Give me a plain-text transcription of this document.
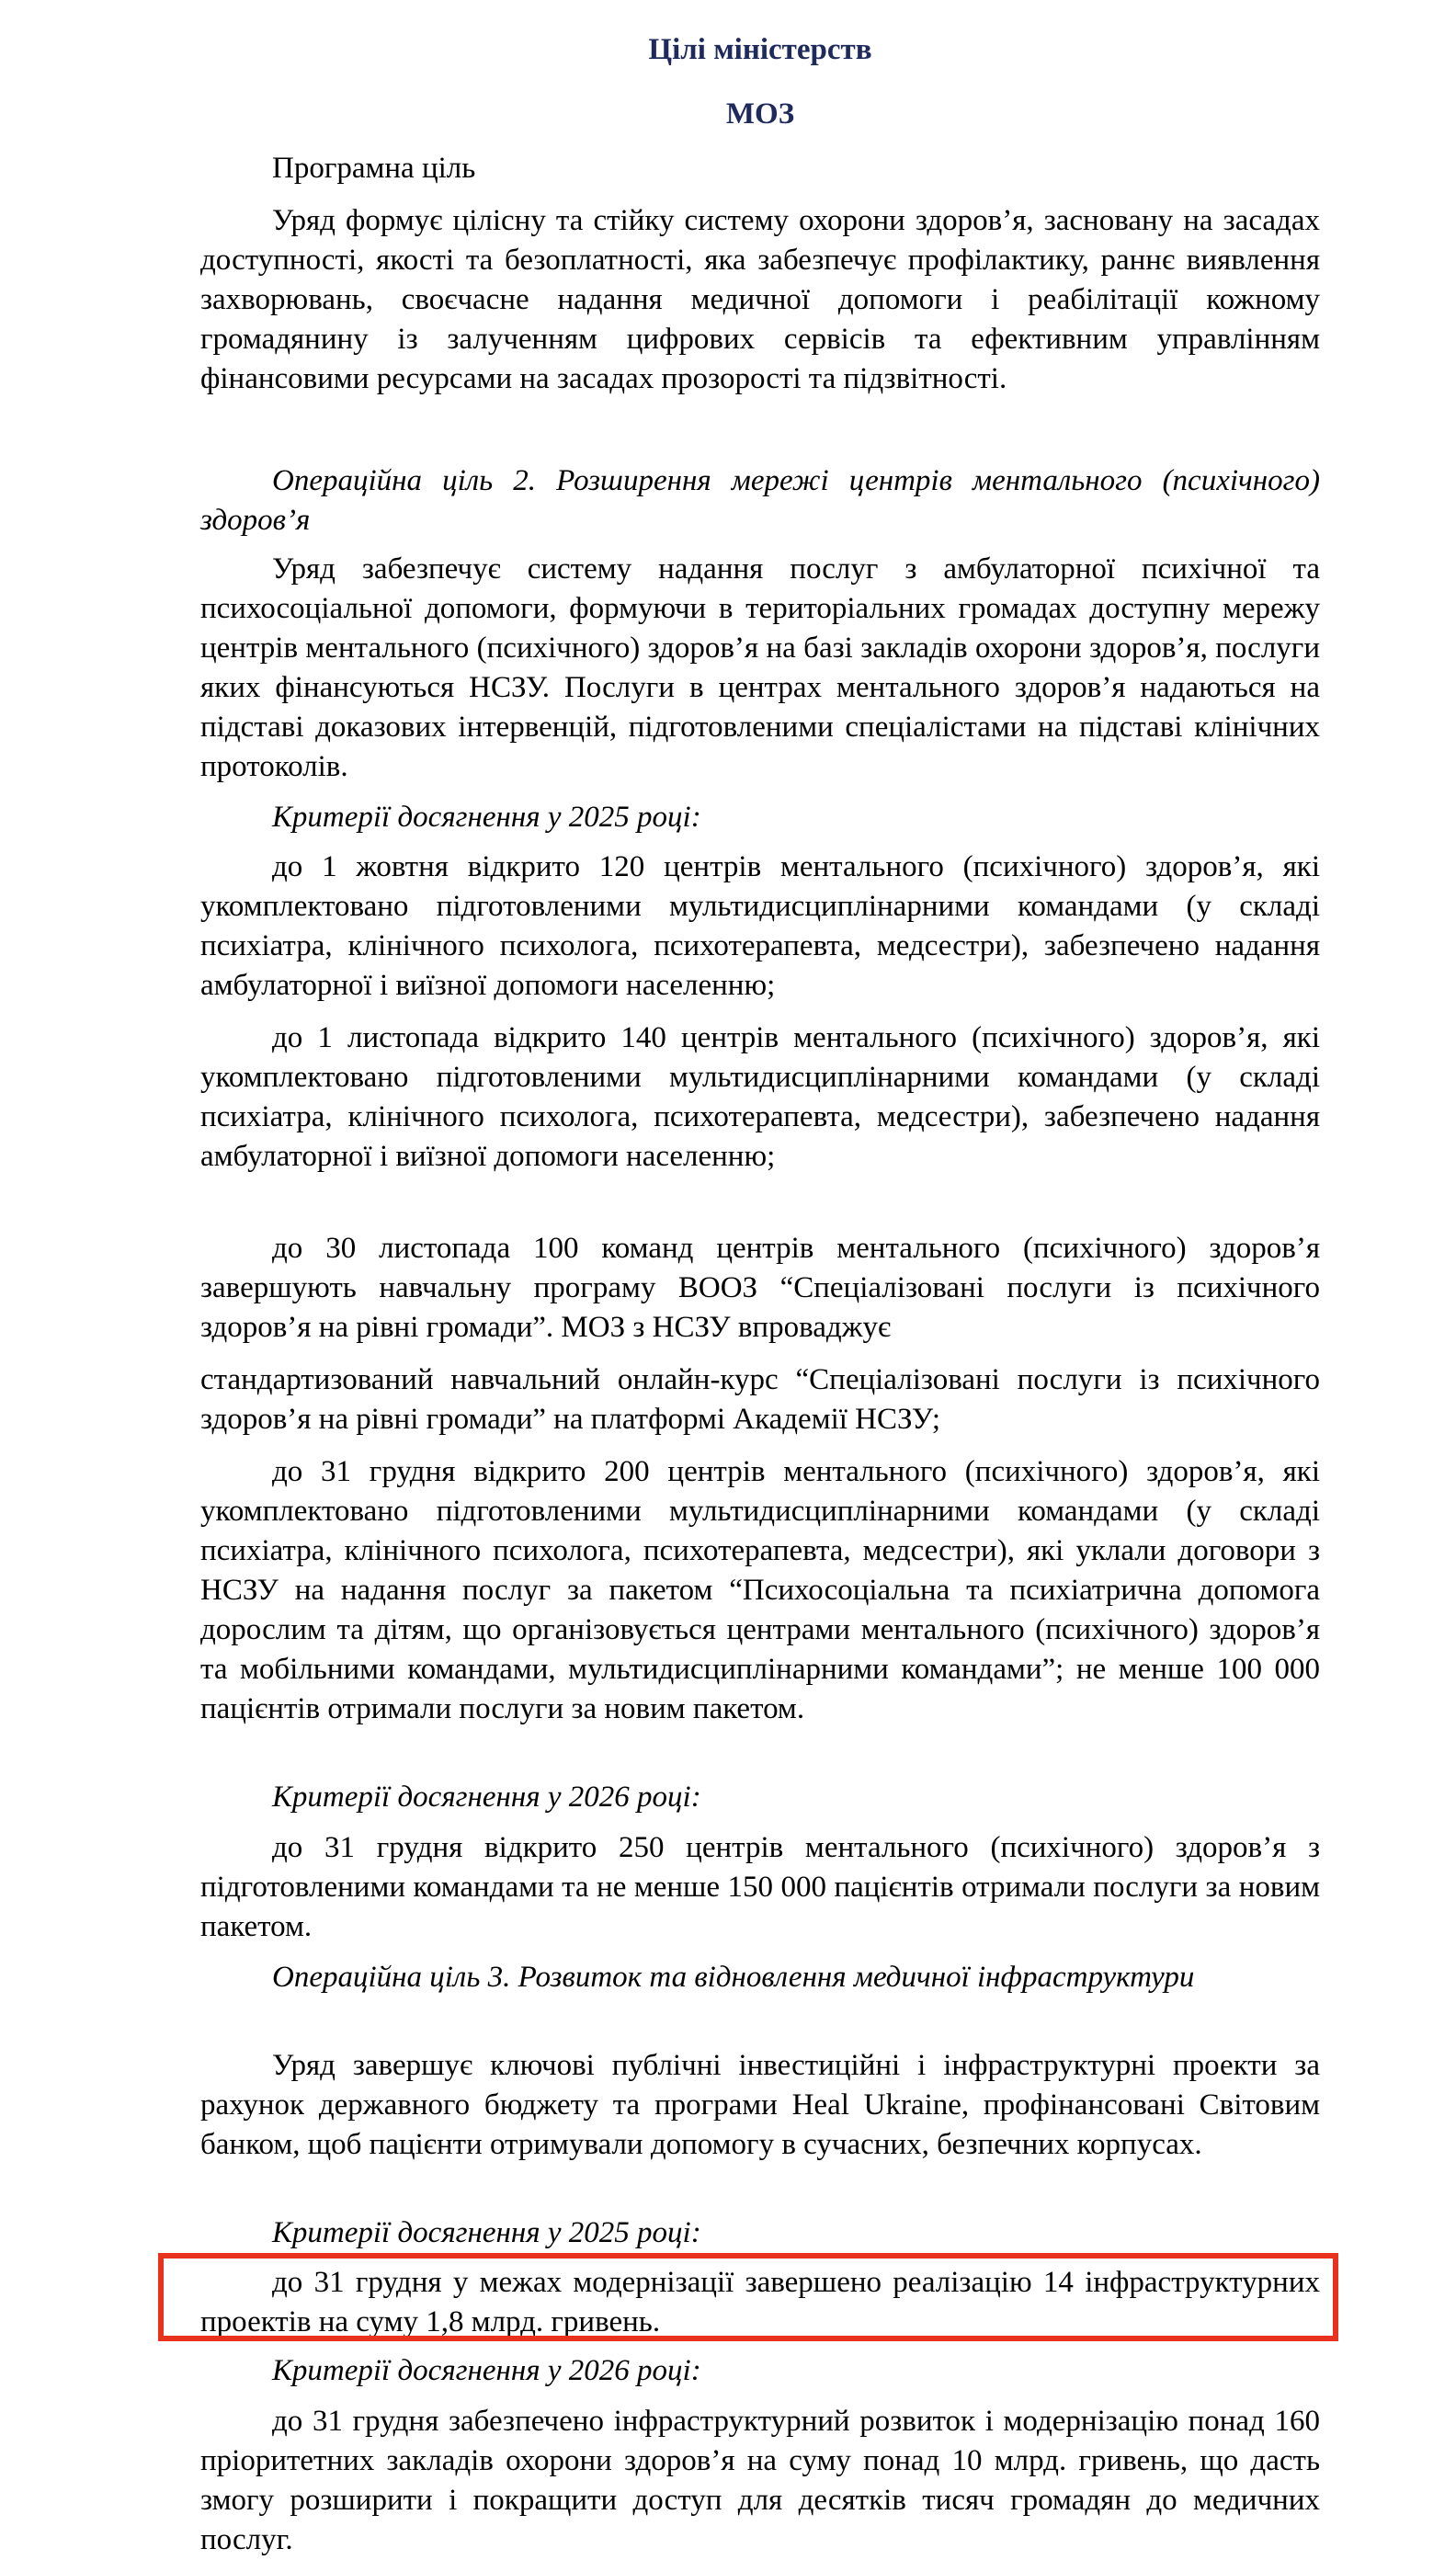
Цілі міністерств
МОЗ

Програмна ціль

Уряд формує цілісну та стійку систему охорони здоров’я, засновану на засадах доступності, якості та безоплатності, яка забезпечує профілактику, раннє виявлення захворювань, своєчасне надання медичної допомоги і реабілітації кожному громадянину із залученням цифрових сервісів та ефективним управлінням фінансовими ресурсами на засадах прозорості та підзвітності.

Операційна ціль 2. Розширення мережі центрів ментального (психічного) здоров’я

Уряд забезпечує систему надання послуг з амбулаторної психічної та психосоціальної допомоги, формуючи в територіальних громадах доступну мережу центрів ментального (психічного) здоров’я на базі закладів охорони здоров’я, послуги яких фінансуються НСЗУ. Послуги в центрах ментального здоров’я надаються на підставі доказових інтервенцій, підготовленими спеціалістами на підставі клінічних протоколів.

Критерії досягнення у 2025 році:

до 1 жовтня відкрито 120 центрів ментального (психічного) здоров’я, які укомплектовано підготовленими мультидисциплінарними командами (у складі психіатра, клінічного психолога, психотерапевта, медсестри), забезпечено надання амбулаторної і виїзної допомоги населенню;

до 1 листопада відкрито 140 центрів ментального (психічного) здоров’я, які укомплектовано підготовленими мультидисциплінарними командами (у складі психіатра, клінічного психолога, психотерапевта, медсестри), забезпечено надання амбулаторної і виїзної допомоги населенню;

до 30 листопада 100 команд центрів ментального (психічного) здоров’я завершують навчальну програму ВООЗ “Спеціалізовані послуги із психічного здоров’я на рівні громади”. МОЗ з НСЗУ впроваджує

стандартизований навчальний онлайн-курс “Спеціалізовані послуги із психічного здоров’я на рівні громади” на платформі Академії НСЗУ;

до 31 грудня відкрито 200 центрів ментального (психічного) здоров’я, які укомплектовано підготовленими мультидисциплінарними командами (у складі психіатра, клінічного психолога, психотерапевта, медсестри), які уклали договори з НСЗУ на надання послуг за пакетом “Психосоціальна та психіатрична допомога дорослим та дітям, що організовується центрами ментального (психічного) здоров’я та мобільними командами, мультидисциплінарними командами”; не менше 100 000 пацієнтів отримали послуги за новим пакетом.

Критерії досягнення у 2026 році:

до 31 грудня відкрито 250 центрів ментального (психічного) здоров’я з підготовленими командами та не менше 150 000 пацієнтів отримали послуги за новим пакетом.

Операційна ціль 3. Розвиток та відновлення медичної інфраструктури

Уряд завершує ключові публічні інвестиційні і інфраструктурні проекти за рахунок державного бюджету та програми Heal Ukraine, профінансовані Світовим банком, щоб пацієнти отримували допомогу в сучасних, безпечних корпусах.

Критерії досягнення у 2025 році:

до 31 грудня у межах модернізації завершено реалізацію 14 інфраструктурних проектів на суму 1,8 млрд. гривень.

Критерії досягнення у 2026 році:

до 31 грудня забезпечено інфраструктурний розвиток і модернізацію понад 160 пріоритетних закладів охорони здоров’я на суму понад 10 млрд. гривень, що дасть змогу розширити і покращити доступ для десятків тисяч громадян до медичних послуг.
